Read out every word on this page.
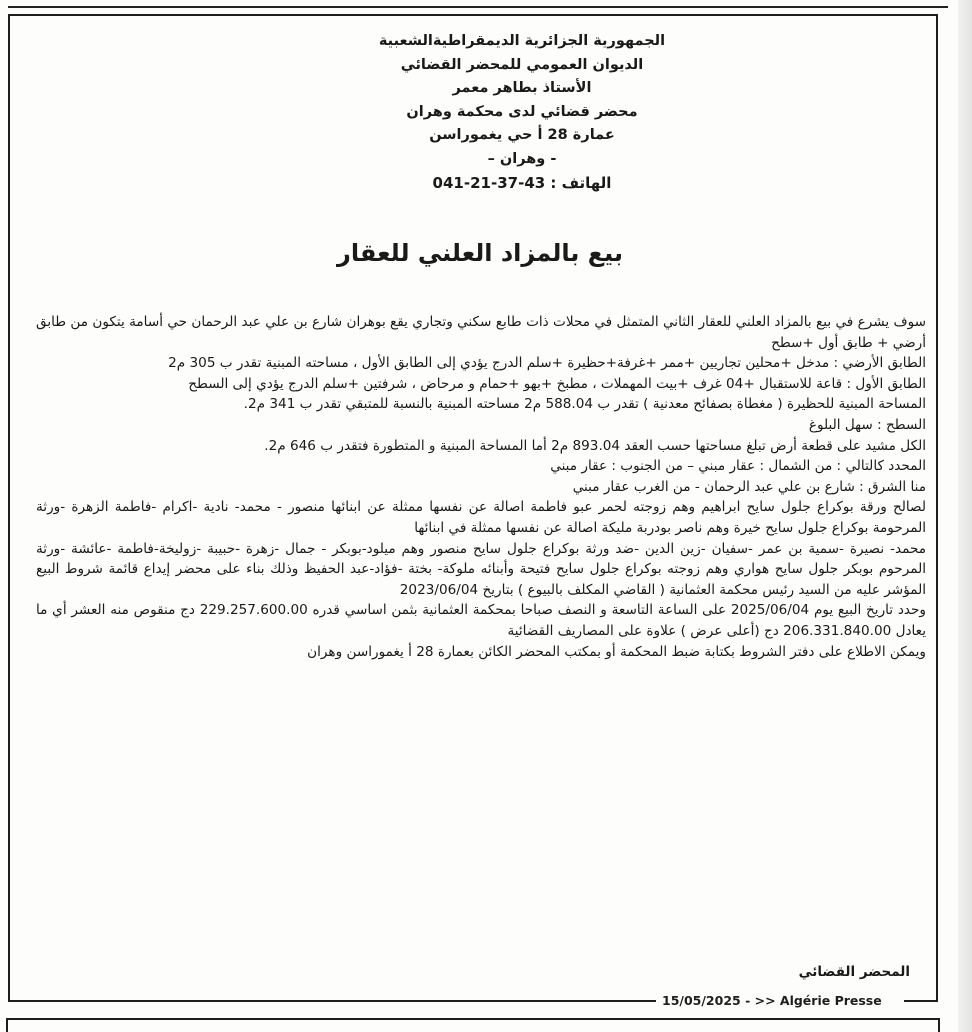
الجمهورية الجزائرية الديمقراطيةالشعبية
الديوان العمومي للمحضر القضائي
الأستاذ بطاهر معمر
محضر قضائي لدى محكمة وهران
عمارة 28 أ حي يغموراسن
- وهران –
الهاتف : 43-37-21-041
بيع بالمزاد العلني للعقار

سوف يشرع في بيع بالمزاد العلني للعقار الثاني المتمثل في محلات ذات طابع سكني وتجاري يقع بوهران شارع بن علي عبد الرحمان حي أسامة يتكون من طابق أرضي + طابق أول +سطح

الطابق الأرضي : مدخل +محلين تجاريين +ممر +غرفة+حظيرة +سلم الدرج يؤدي إلى الطابق الأول ، مساحته المبنية تقدر ب 305 م2

الطابق الأول : قاعة للاستقبال +04 غرف +بيت المهملات ، مطبخ +بهو +حمام و مرحاض ، شرفتين +سلم الدرج يؤدي إلى السطح

المساحة المبنية للحظيرة ( مغطاة بصفائح معدنية ) تقدر ب 588.04 م2 مساحته المبنية بالنسبة للمتبقي تقدر ب 341 م2.

السطح : سهل البلوغ

الكل مشيد على قطعة أرض تبلغ مساحتها حسب العقد 893.04 م2 أما المساحة المبنية و المتطورة فتقدر ب 646 م2.

المحدد كالتالي : من الشمال : عقار مبني – من الجنوب : عقار مبني

منا الشرق : شارع بن علي عبد الرحمان - من الغرب عقار مبني

لصالح ورقة بوكراع جلول سايح ابراهيم وهم زوجته لحمر عبو فاطمة اصالة عن نفسها ممثلة عن ابنائها منصور - محمد- نادية -اكرام -فاطمة الزهرة -ورثة المرحومة بوكراع جلول سايح خيرة وهم ناصر بودربة مليكة اصالة عن نفسها ممثلة في ابنائها

محمد- نصيرة -سمية بن عمر -سفيان -زين الدين -ضد ورثة بوكراع جلول سايح منصور وهم ميلود-بوبكر - جمال -زهرة -حبيبة -زوليخة-فاطمة -عائشة -ورثة المرحوم بوبكر جلول سايح هواري وهم زوجته بوكراع جلول سايح فتيحة وأبنائه ملوكة- بختة -فؤاد-عبد الحفيظ وذلك بناء على محضر إيداع قائمة شروط البيع المؤشر عليه من السيد رئيس محكمة العثمانية ( القاضي المكلف بالبيوع ) بتاريخ 2023/06/04

وحدد تاريخ البيع يوم 2025/06/04 على الساعة التاسعة و النصف صباحا بمحكمة العثمانية بثمن اساسي قدره 229.257.600.00 دج منقوص منه العشر أي ما يعادل 206.331.840.00 دج (أعلى عرض ) علاوة على المصاريف القضائية

ويمكن الاطلاع على دفتر الشروط بكتابة ضبط المحكمة أو بمكتب المحضر الكائن بعمارة 28 أ يغموراسن وهران

المحضر القضائي
15/05/2025 - >> Algérie Presse
